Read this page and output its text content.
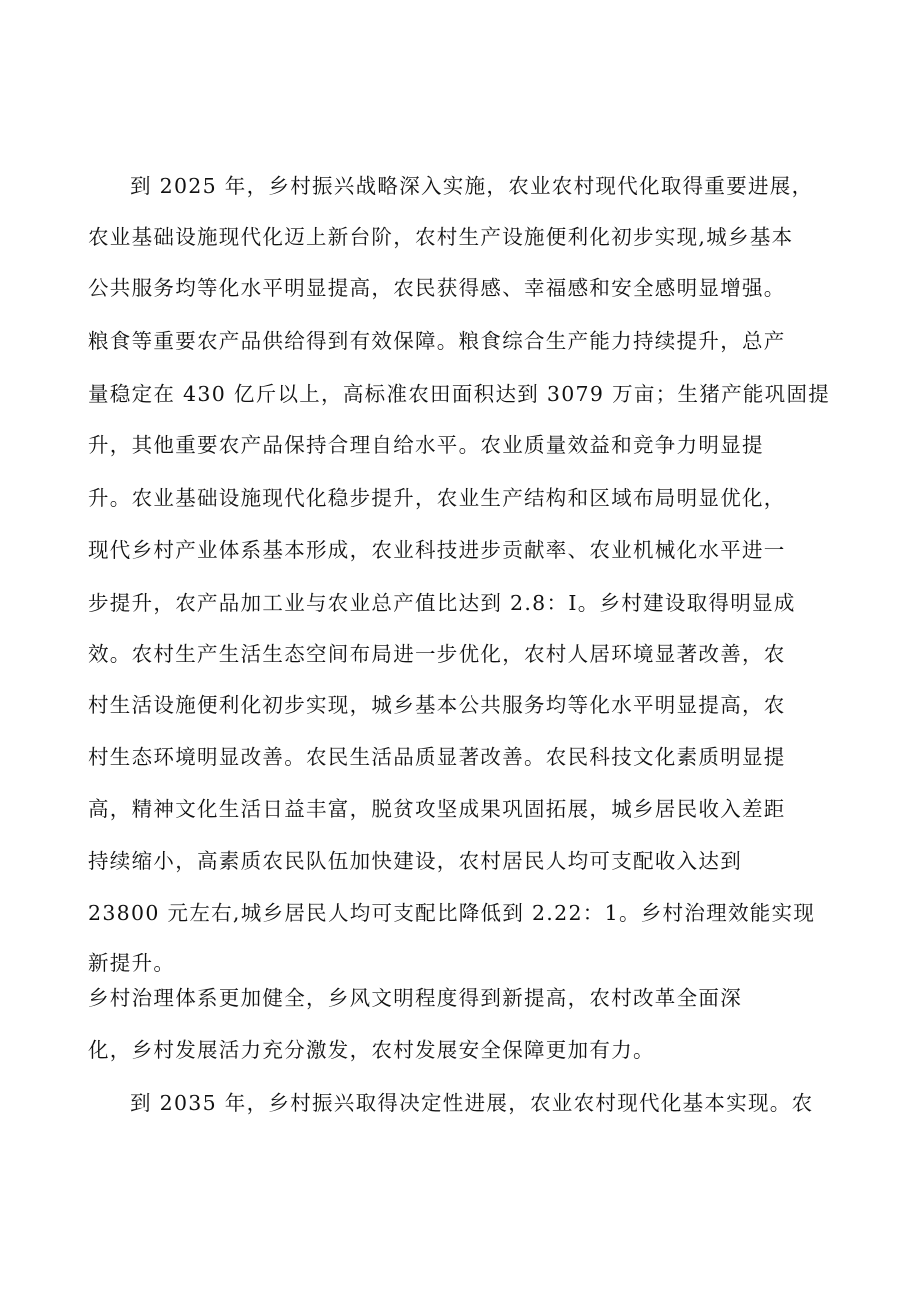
到 2025 年，乡村振兴战略深入实施，农业农村现代化取得重要进展，
农业基础设施现代化迈上新台阶，农村生产设施便利化初步实现,城乡基本
公共服务均等化水平明显提高，农民获得感、幸福感和安全感明显增强。
粮食等重要农产品供给得到有效保障。粮食综合生产能力持续提升，总产
量稳定在 430 亿斤以上，高标准农田面积达到 3079 万亩；生猪产能巩固提
升，其他重要农产品保持合理自给水平。农业质量效益和竞争力明显提
升。农业基础设施现代化稳步提升，农业生产结构和区域布局明显优化，
现代乡村产业体系基本形成，农业科技进步贡献率、农业机械化水平进一
步提升，农产品加工业与农业总产值比达到 2.8：I。乡村建设取得明显成
效。农村生产生活生态空间布局进一步优化，农村人居环境显著改善，农
村生活设施便利化初步实现，城乡基本公共服务均等化水平明显提高，农
村生态环境明显改善。农民生活品质显著改善。农民科技文化素质明显提
高，精神文化生活日益丰富，脱贫攻坚成果巩固拓展，城乡居民收入差距
持续缩小，高素质农民队伍加快建设，农村居民人均可支配收入达到
23800 元左右,城乡居民人均可支配比降低到 2.22：1。乡村治理效能实现
新提升。
乡村治理体系更加健全，乡风文明程度得到新提高，农村改革全面深
化，乡村发展活力充分激发，农村发展安全保障更加有力。
到 2035 年，乡村振兴取得决定性进展，农业农村现代化基本实现。农
